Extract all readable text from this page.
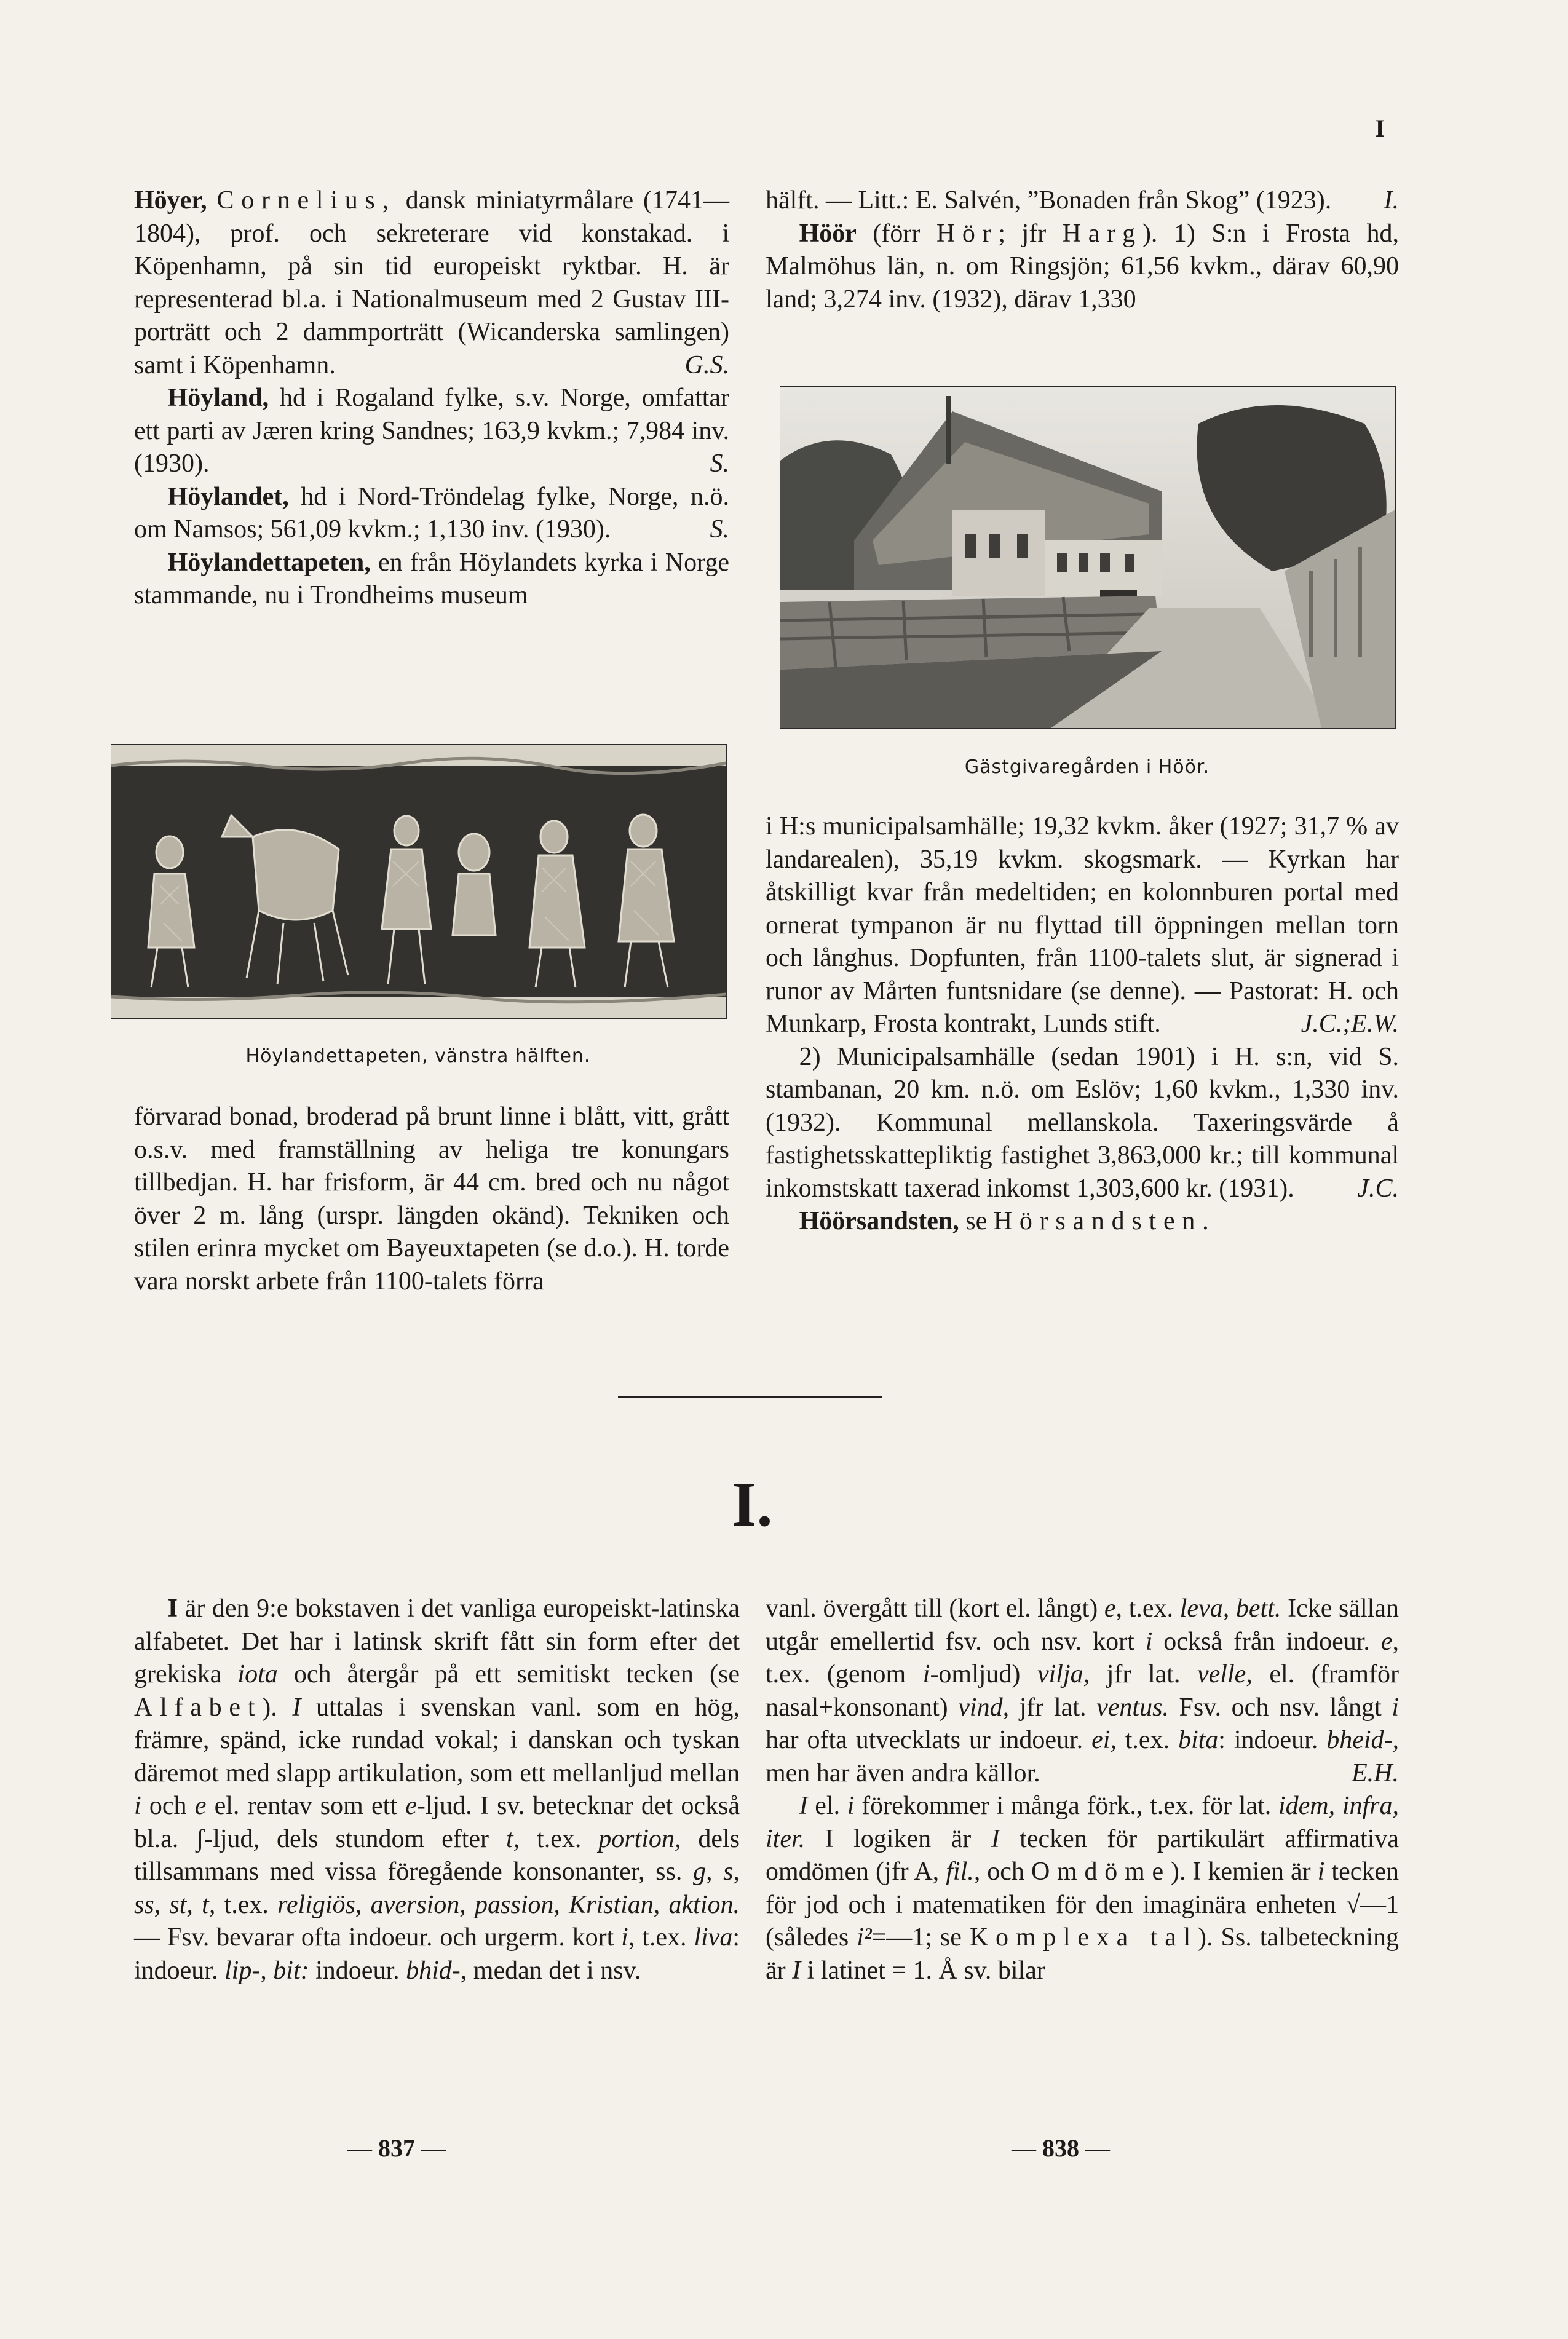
I

Höyer, Cornelius, dansk miniatyrmålare (1741—1804), prof. och sekreterare vid konstakad. i Köpenhamn, på sin tid europeiskt ryktbar. H. är representerad bl.a. i Nationalmuseum med 2 Gustav III-porträtt och 2 dammporträtt (Wicanderska samlingen) samt i Köpenhamn.	G.S.

Höyland, hd i Rogaland fylke, s.v. Norge, omfattar ett parti av Jæren kring Sandnes; 163,9 kvkm.; 7,984 inv. (1930).	S.

Höylandet, hd i Nord-Tröndelag fylke, Norge, n.ö. om Namsos; 561,09 kvkm.; 1,130 inv. (1930).	S.

Höylandettapeten, en från Höylandets kyrka i Norge stammande, nu i Trondheims museum

Höylandettapeten, vänstra hälften.

förvarad bonad, broderad på brunt linne i blått, vitt, grått o.s.v. med framställning av heliga tre konungars tillbedjan. H. har frisform, är 44 cm. bred och nu något över 2 m. lång (urspr. längden okänd). Tekniken och stilen erinra mycket om Bayeuxtapeten (se d.o.). H. torde vara norskt arbete från 1100-talets förra

hälft. — Litt.: E. Salvén, ”Bonaden från Skog” (1923). I.

Höör (förr Hör; jfr Harg). 1) S:n i Frosta hd, Malmöhus län, n. om Ringsjön; 61,56 kvkm., därav 60,90 land; 3,274 inv. (1932), därav 1,330

Gästgivaregården i Höör.

i H:s municipalsamhälle; 19,32 kvkm. åker (1927; 31,7 % av landarealen), 35,19 kvkm. skogsmark. — Kyrkan har åtskilligt kvar från medeltiden; en kolonnburen portal med ornerat tympanon är nu flyttad till öppningen mellan torn och långhus. Dopfunten, från 1100-talets slut, är signerad i runor av Mårten funtsnidare (se denne). — Pastorat: H. och Munkarp, Frosta kontrakt, Lunds stift.	J.C.;E.W.

2) Municipalsamhälle (sedan 1901) i H. s:n, vid S. stambanan, 20 km. n.ö. om Eslöv; 1,60 kvkm., 1,330 inv. (1932). Kommunal mellanskola. Taxeringsvärde å fastighetsskattepliktig fastighet 3,863,000 kr.; till kommunal inkomstskatt taxerad inkomst 1,303,600 kr. (1931).	J.C.

Höörsandsten, se Hörsandsten.

I.

I är den 9:e bokstaven i det vanliga europeiskt-latinska alfabetet. Det har i latinsk skrift fått sin form efter det grekiska iota och återgår på ett semitiskt tecken (se Alfabet). I uttalas i svenskan vanl. som en hög, främre, spänd, icke rundad vokal; i danskan och tyskan däremot med slapp artikulation, som ett mellanljud mellan i och e el. rentav som ett e-ljud. I sv. betecknar det också bl.a. ʃ-ljud, dels stundom efter t, t.ex. portion, dels tillsammans med vissa föregående konsonanter, ss. g, s, ss, st, t, t.ex. religiös, aversion, passion, Kristian, aktion. — Fsv. bevarar ofta indoeur. och urgerm. kort i, t.ex. liva: indoeur. lip-, bit: indoeur. bhid-, medan det i nsv.

vanl. övergått till (kort el. långt) e, t.ex. leva, bett. Icke sällan utgår emellertid fsv. och nsv. kort i också från indoeur. e, t.ex. (genom i-omljud) vilja, jfr lat. velle, el. (framför nasal+konsonant) vind, jfr lat. ventus. Fsv. och nsv. långt i har ofta utvecklats ur indoeur. ei, t.ex. bita: indoeur. bheid-, men har även andra källor.	E.H.

I el. i förekommer i många förk., t.ex. för lat. idem, infra, iter. I logiken är I tecken för partikulärt affirmativa omdömen (jfr A, fil., och Omdöme). I kemien är i tecken för jod och i matematiken för den imaginära enheten √—1 (således i²=—1; se Komplexa tal). Ss. talbeteckning är I i latinet = 1. Å sv. bilar

— 837 —	— 838 —
